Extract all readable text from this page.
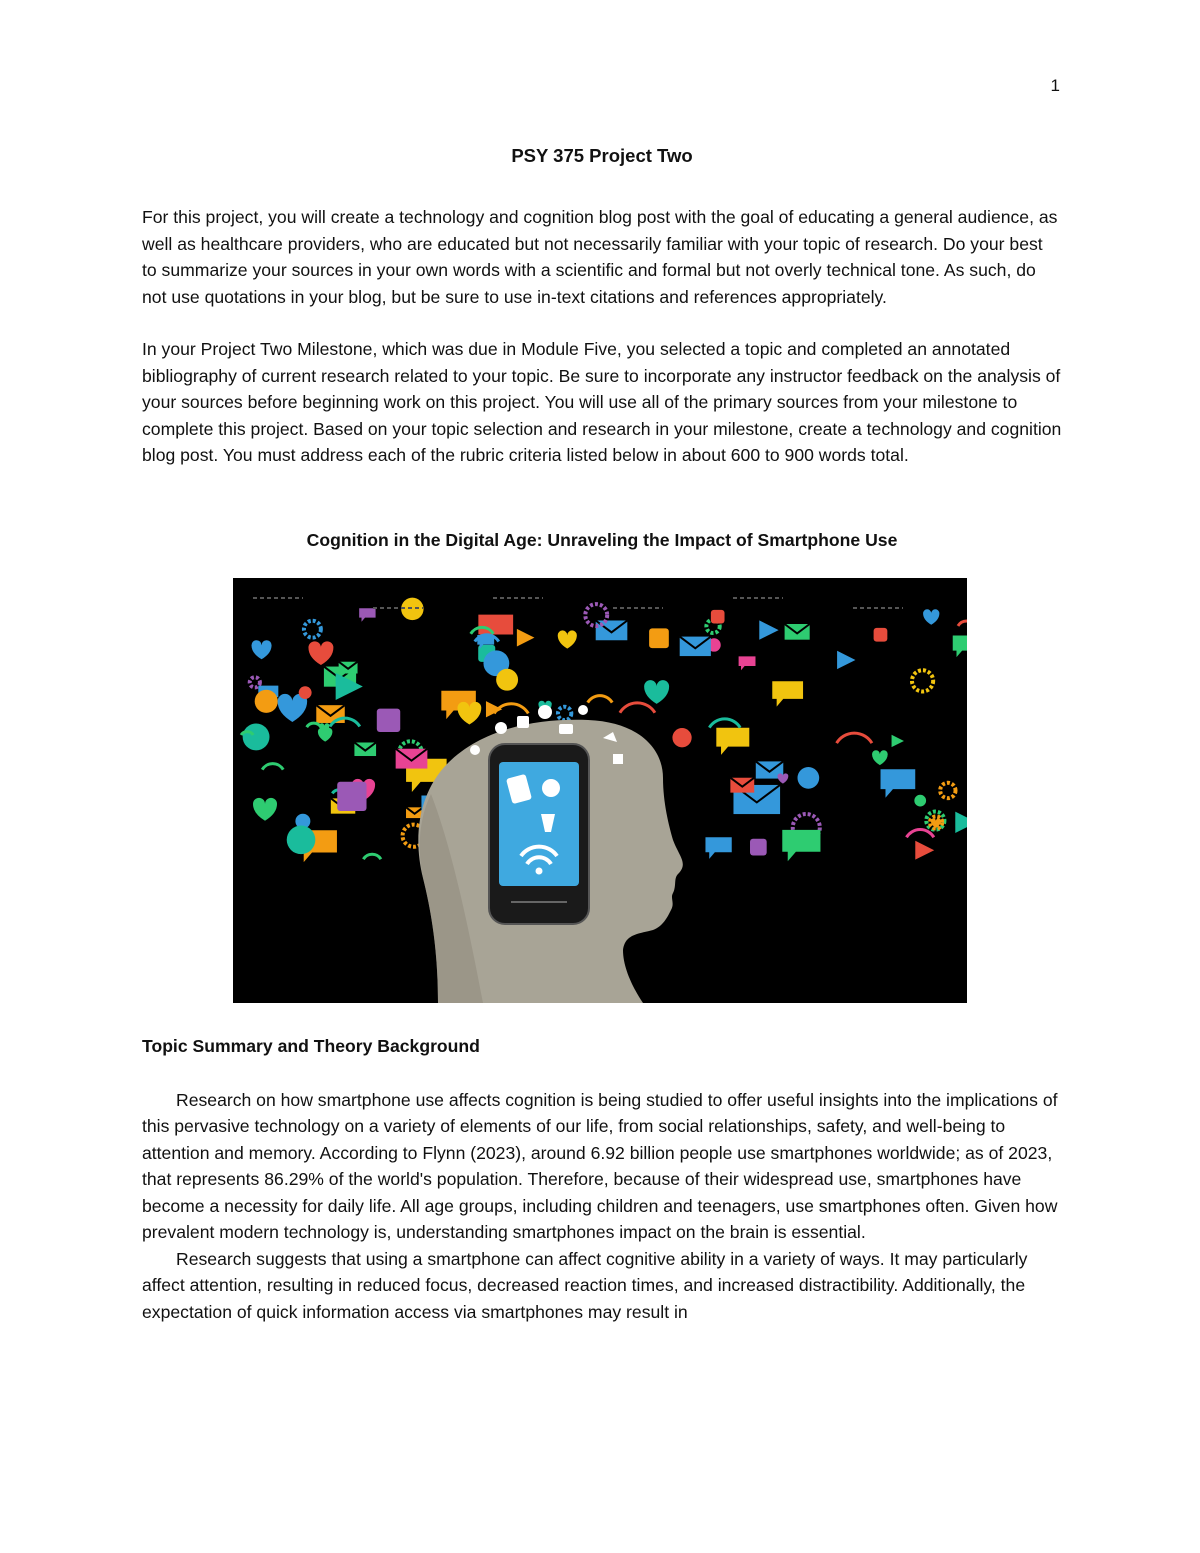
1
PSY 375 Project Two

For this project, you will create a technology and cognition blog post with the goal of educating a general audience, as well as healthcare providers, who are educated but not necessarily familiar with your topic of research. Do your best to summarize your sources in your own words with a scientific and formal but not overly technical tone. As such, do not use quotations in your blog, but be sure to use in-text citations and references appropriately.

In your Project Two Milestone, which was due in Module Five, you selected a topic and completed an annotated bibliography of current research related to your topic. Be sure to incorporate any instructor feedback on the analysis of your sources before beginning work on this project. You will use all of the primary sources from your milestone to complete this project. Based on your topic selection and research in your milestone, create a technology and cognition blog post. You must address each of the rubric criteria listed below in about 600 to 900 words total.

Cognition in the Digital Age: Unraveling the Impact of Smartphone Use
Topic Summary and Theory Background

Research on how smartphone use affects cognition is being studied to offer useful insights into the implications of this pervasive technology on a variety of elements of our life, from social relationships, safety, and well-being to attention and memory. According to Flynn (2023), around 6.92 billion people use smartphones worldwide; as of 2023, that represents 86.29% of the world's population. Therefore, because of their widespread use, smartphones have become a necessity for daily life. All age groups, including children and teenagers, use smartphones often. Given how prevalent modern technology is, understanding smartphones impact on the brain is essential.

Research suggests that using a smartphone can affect cognitive ability in a variety of ways. It may particularly affect attention, resulting in reduced focus, decreased reaction times, and increased distractibility. Additionally, the expectation of quick information access via smartphones may result in
